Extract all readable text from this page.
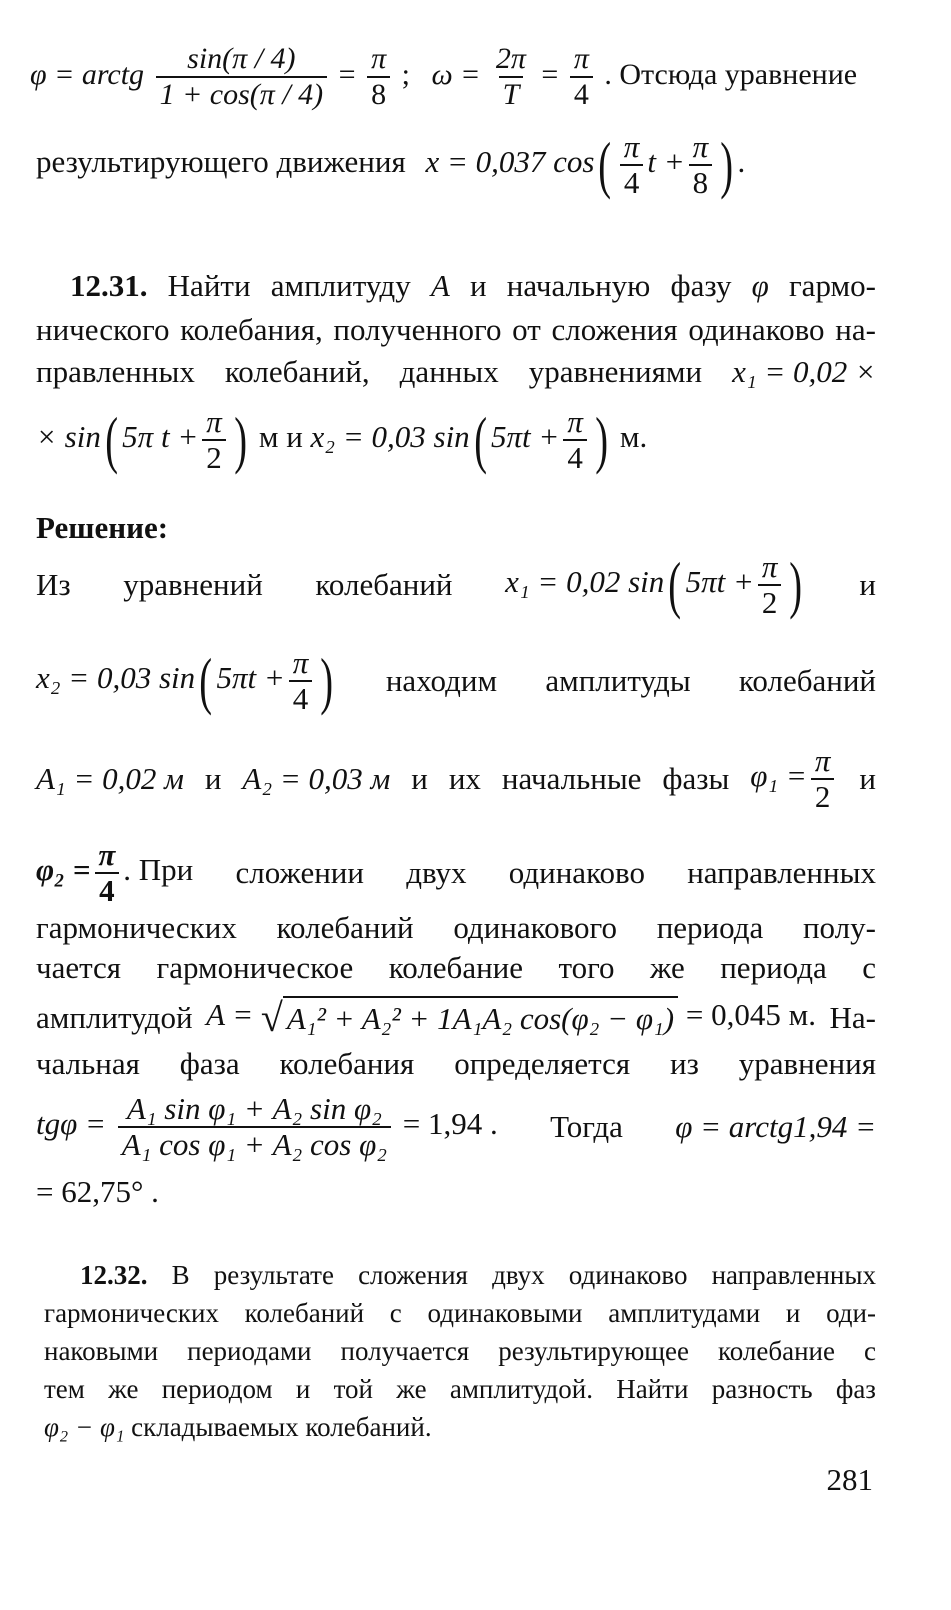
φ = arctg $\frac{\sin(\pi / 4)}{1 + \cos(\pi / 4)} = \frac{\pi}{8}$ ; $\omega = \frac{2\pi}{T} = \frac{\pi}{4}$ . Отсюда уравнение
результирующего движения x = 0,037 $\cos( \frac{\pi}{4}$ $t + \frac{\pi}{8}$ ) .
12.31. Найти амплитуду A и начальную фазу φ гармо-
нического колебания, полученного от сложения одинаково на-
правленных колебаний, данных уравнениями x₁ = 0,02 ×
× sin( 5π $t + \frac{\pi}{2}$ ) м и x₂ = 0,03 sin( $5\pi t + \frac{\pi}{4}$ ) м.
Решение:
Из уравнений колебаний x₁ = 0,02 sin( $5\pi t + \frac{\pi}{2}$ ) и
x₂ = 0,03 sin( $5\pi t + \frac{\pi}{4}$ ) находим амплитуды колебаний
A₁ = 0,02 м и A₂ = 0,03 м и их начальные фазы $\varphi_1 = \frac{\pi}{2}$ и
$\varphi_2 = \frac{\pi}{4}$ . При сложении двух одинаково направленных
гармонических колебаний одинакового периода полу-
чается гармоническое колебание того же периода с
амплитудой A = √ A₁² + A₂² + 1A₁A₂ cos(φ₂ − φ₁) = 0,045 м. На-
чальная фаза колебания определяется из уравнения
$tg\varphi = \frac{\text{A₁ sin φ₁ + A₂ sin φ₂}}{\text{A₁ cos φ₁ + A₂ cos φ₂}} = 1,94$ . Тогда φ = arctg1,94 =
= 62,75° .
12.32. В результате сложения двух одинаково направленных
гармонических колебаний с одинаковыми амплитудами и оди-
наковыми периодами получается результирующее колебание с
тем же периодом и той же амплитудой. Найти разность фаз
φ₂ − φ₁ складываемых колебаний.
281
